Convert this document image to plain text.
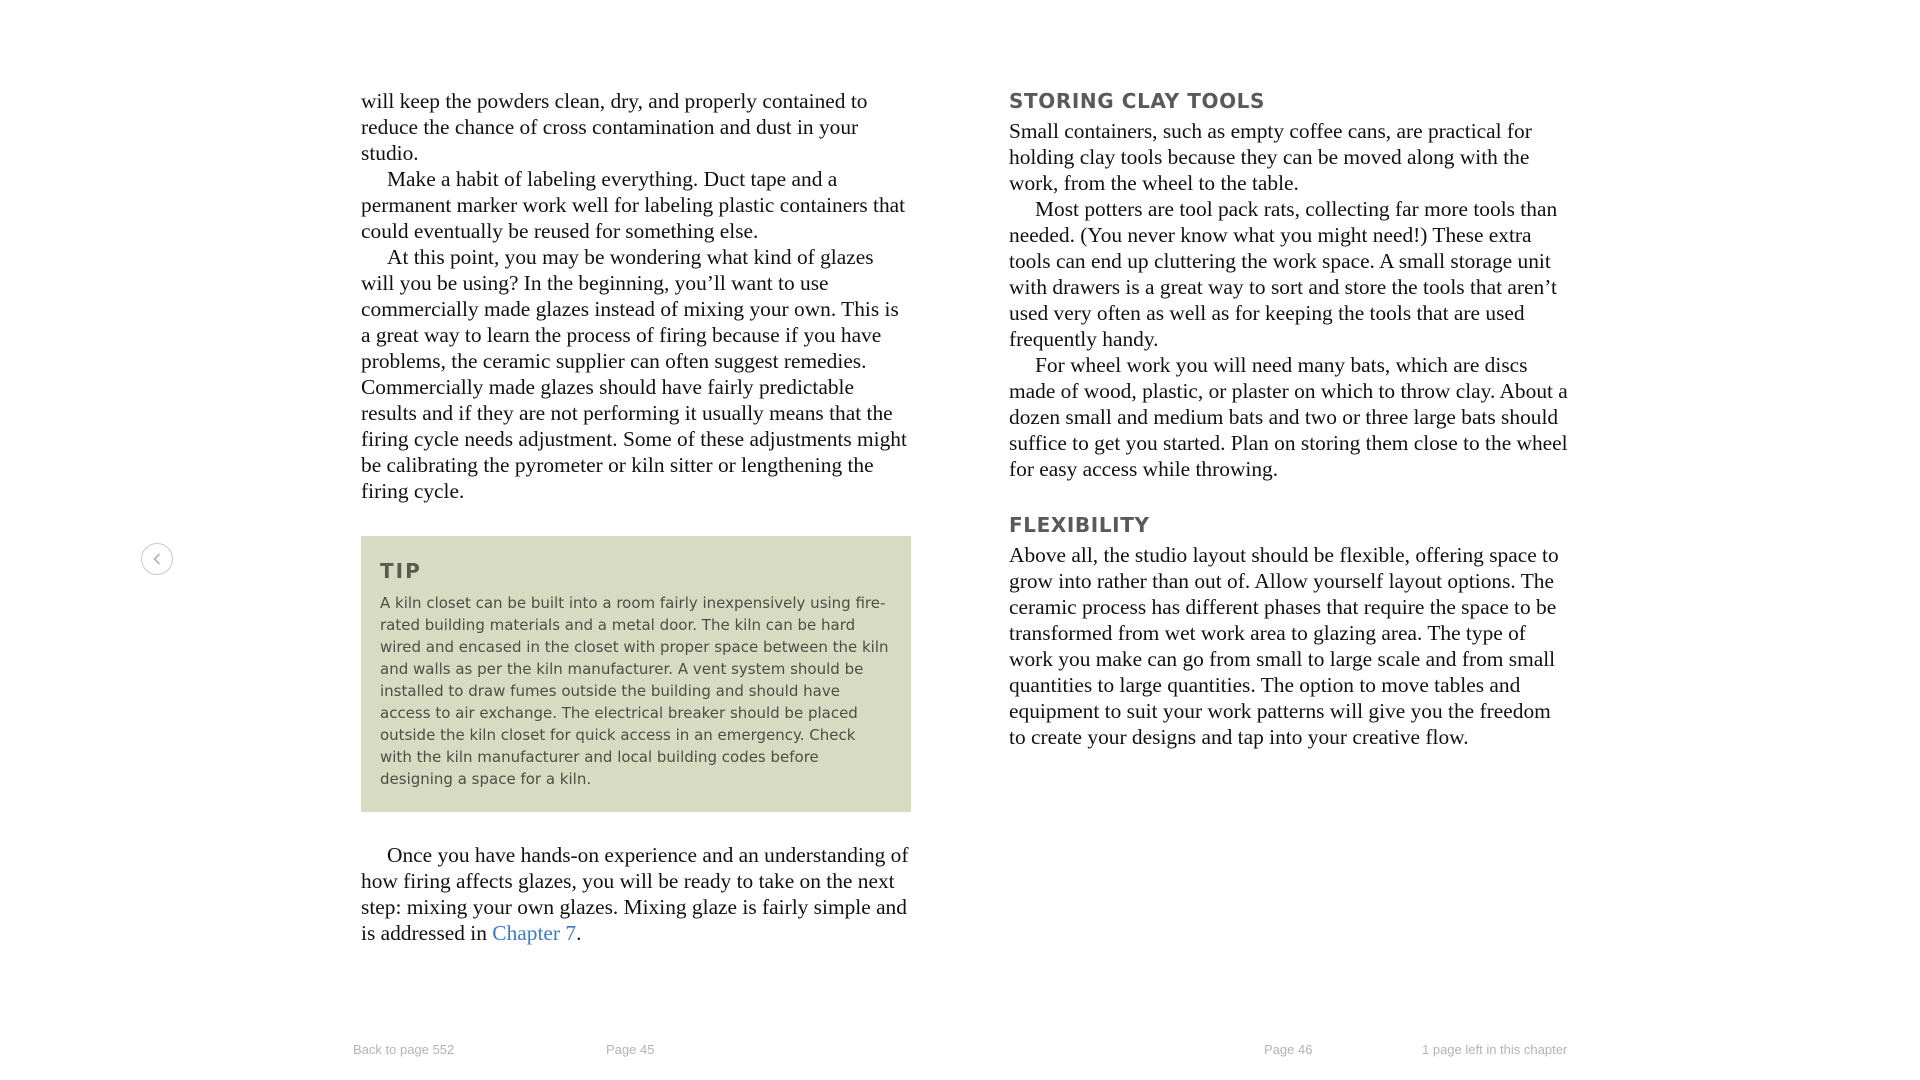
will keep the powders clean, dry, and properly contained to reduce the chance of cross contamination and dust in your studio.

Make a habit of labeling everything. Duct tape and a permanent marker work well for labeling plastic containers that could eventually be reused for something else.

At this point, you may be wondering what kind of glazes will you be using? In the beginning, you’ll want to use commercially made glazes instead of mixing your own. This is a great way to learn the process of firing because if you have problems, the ceramic supplier can often suggest remedies. Commercially made glazes should have fairly predictable results and if they are not performing it usually means that the firing cycle needs adjustment. Some of these adjustments might be calibrating the pyrometer or kiln sitter or lengthening the firing cycle.

TIP

A kiln closet can be built into a room fairly inexpensively using fire-rated building materials and a metal door. The kiln can be hard wired and encased in the closet with proper space between the kiln and walls as per the kiln manufacturer. A vent system should be installed to draw fumes outside the building and should have access to air exchange. The electrical breaker should be placed outside the kiln closet for quick access in an emergency. Check with the kiln manufacturer and local building codes before designing a space for a kiln.

Once you have hands-on experience and an understanding of how firing affects glazes, you will be ready to take on the next step: mixing your own glazes. Mixing glaze is fairly simple and is addressed in Chapter 7.

STORING CLAY TOOLS

Small containers, such as empty coffee cans, are practical for holding clay tools because they can be moved along with the work, from the wheel to the table.

Most potters are tool pack rats, collecting far more tools than needed. (You never know what you might need!) These extra tools can end up cluttering the work space. A small storage unit with drawers is a great way to sort and store the tools that aren’t used very often as well as for keeping the tools that are used frequently handy.

For wheel work you will need many bats, which are discs made of wood, plastic, or plaster on which to throw clay. About a dozen small and medium bats and two or three large bats should suffice to get you started. Plan on storing them close to the wheel for easy access while throwing.

FLEXIBILITY

Above all, the studio layout should be flexible, offering space to grow into rather than out of. Allow yourself layout options. The ceramic process has different phases that require the space to be transformed from wet work area to glazing area. The type of work you make can go from small to large scale and from small quantities to large quantities. The option to move tables and equipment to suit your work patterns will give you the freedom to create your designs and tap into your creative flow.

Back to page 552	Page 45	Page 46	1 page left in this chapter
